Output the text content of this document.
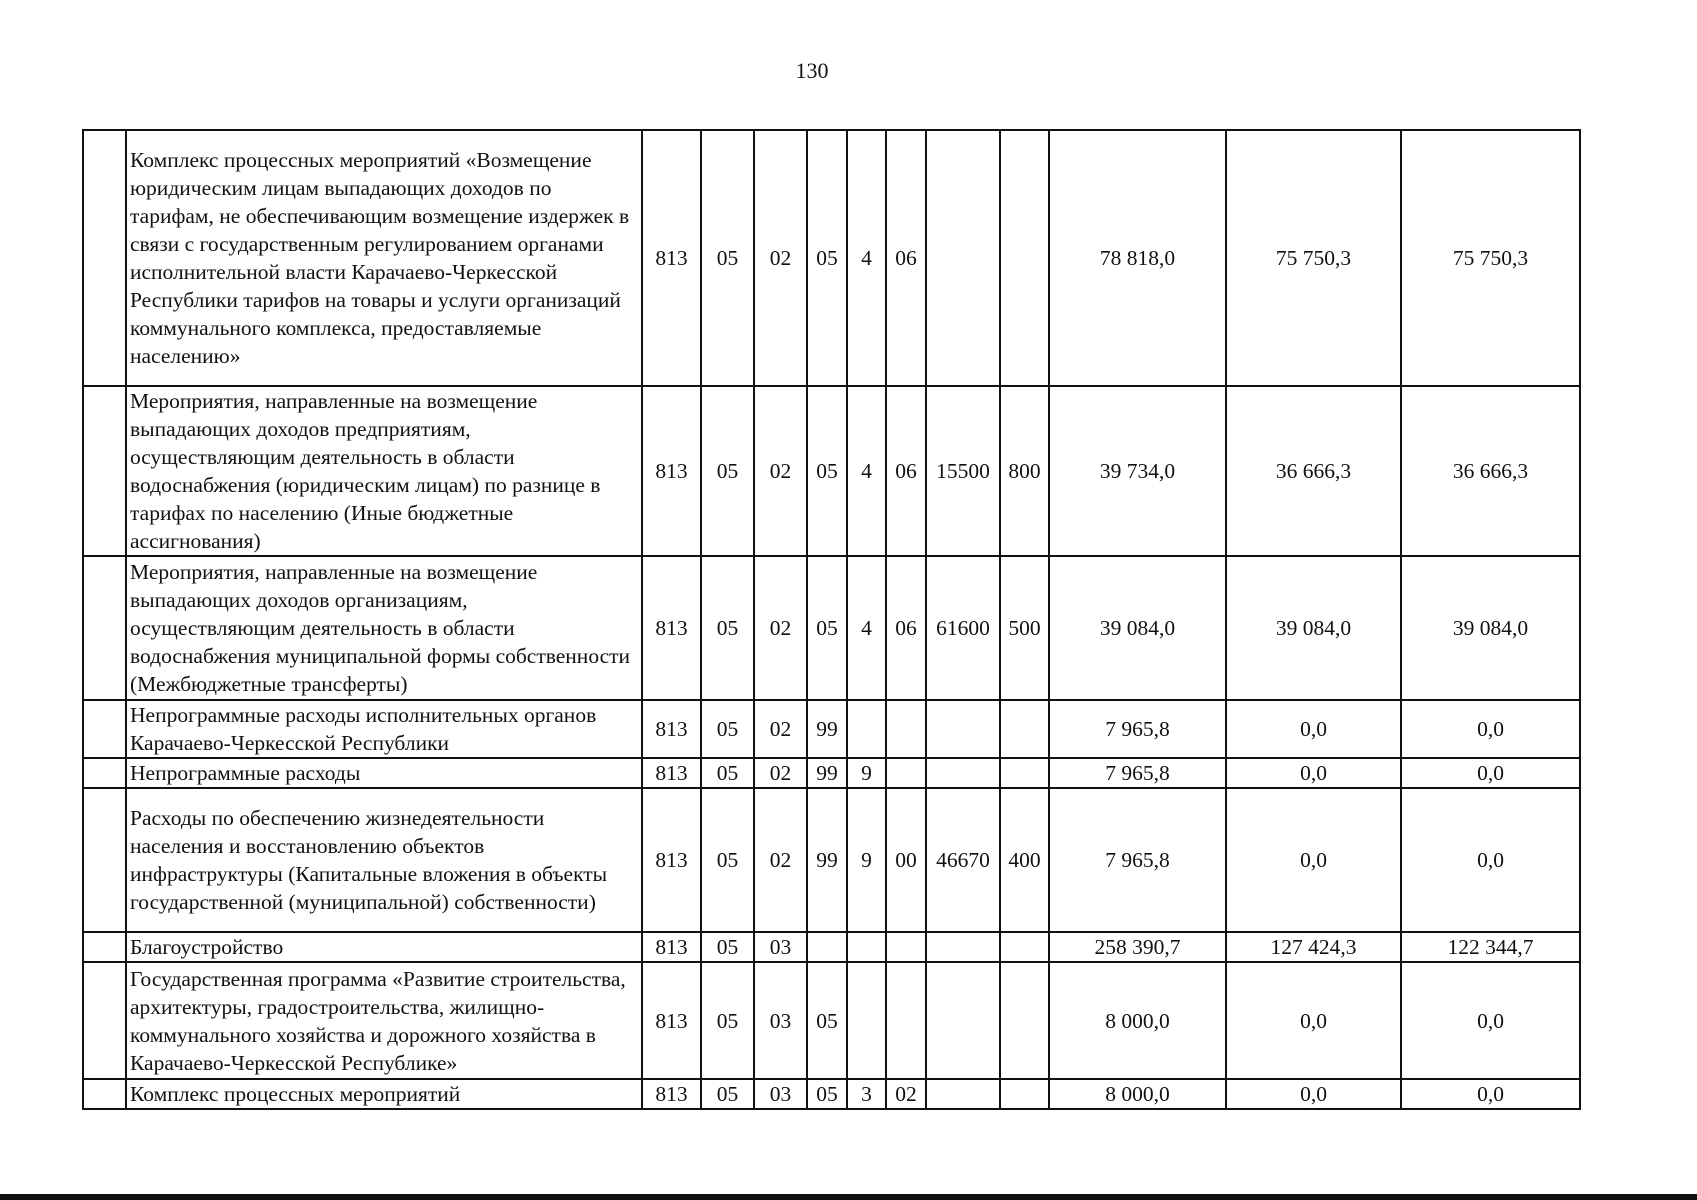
130
	Комплекс процессных мероприятий «Возмещение юридическим лицам выпадающих доходов по тарифам, не обеспечивающим возмещение издержек в связи с государственным регулированием органами исполнительной власти Карачаево-Черкесской Республики тарифов на товары и услуги организаций коммунального комплекса, предоставляемые населению»	813	05	02	05	4	06			78 818,0	75 750,3	75 750,3
	Мероприятия, направленные на возмещение выпадающих доходов предприятиям, осуществляющим деятельность в области водоснабжения (юридическим лицам) по разнице в тарифах по населению (Иные бюджетные ассигнования)	813	05	02	05	4	06	15500	800	39 734,0	36 666,3	36 666,3
	Мероприятия, направленные на возмещение выпадающих доходов организациям, осуществляющим деятельность в области водоснабжения муниципальной формы собственности (Межбюджетные трансферты)	813	05	02	05	4	06	61600	500	39 084,0	39 084,0	39 084,0
	Непрограммные расходы исполнительных органов Карачаево-Черкесской Республики	813	05	02	99					7 965,8	0,0	0,0
	Непрограммные расходы	813	05	02	99	9				7 965,8	0,0	0,0
	Расходы по обеспечению жизнедеятельности населения и восстановлению объектов инфраструктуры (Капитальные вложения в объекты государственной (муниципальной) собственности)	813	05	02	99	9	00	46670	400	7 965,8	0,0	0,0
	Благоустройство	813	05	03						258 390,7	127 424,3	122 344,7
	Государственная программа «Развитие строительства, архитектуры, градостроительства, жилищно-коммунального хозяйства и дорожного хозяйства в Карачаево-Черкесской Республике»	813	05	03	05					8 000,0	0,0	0,0
	Комплекс процессных мероприятий	813	05	03	05	3	02			8 000,0	0,0	0,0
